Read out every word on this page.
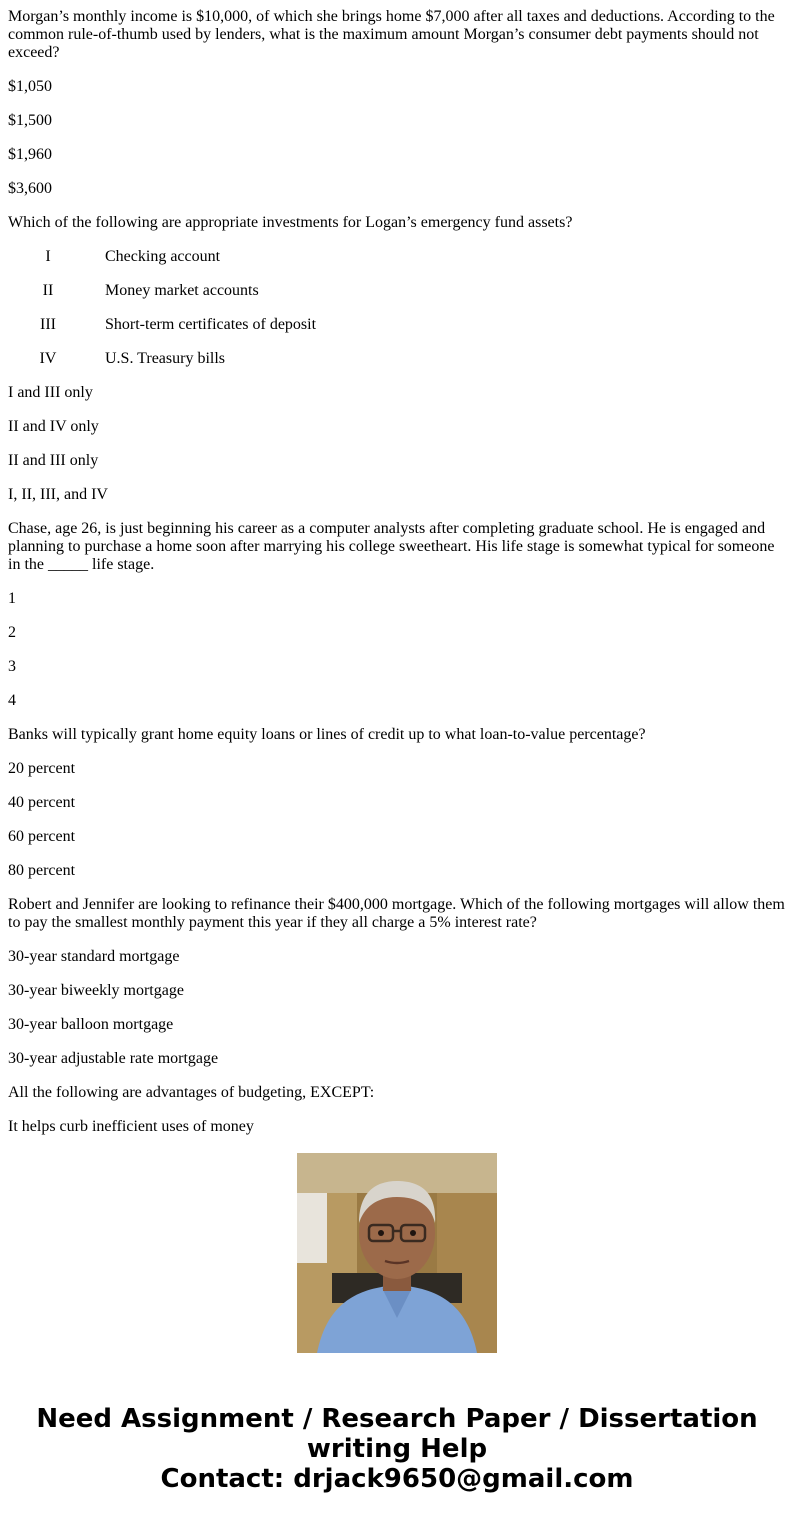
Morgan’s monthly income is $10,000, of which she brings home $7,000 after all taxes and deductions. According to the common rule-of-thumb used by lenders, what is the maximum amount Morgan’s consumer debt payments should not exceed?

$1,050

$1,500

$1,960

$3,600

Which of the following are appropriate investments for Logan’s emergency fund assets?

I	Checking account
II	Money market accounts
III	Short-term certificates of deposit
IV	U.S. Treasury bills

I and III only

II and IV only

II and III only

I, II, III, and IV

Chase, age 26, is just beginning his career as a computer analysts after completing graduate school. He is engaged and planning to purchase a home soon after marrying his college sweetheart. His life stage is somewhat typical for someone in the _____ life stage.

1

2

3

4

Banks will typically grant home equity loans or lines of credit up to what loan-to-value percentage?

20 percent

40 percent

60 percent

80 percent

Robert and Jennifer are looking to refinance their $400,000 mortgage. Which of the following mortgages will allow them to pay the smallest monthly payment this year if they all charge a 5% interest rate?

30-year standard mortgage

30-year biweekly mortgage

30-year balloon mortgage

30-year adjustable rate mortgage

All the following are advantages of budgeting, EXCEPT:

It helps curb inefficient uses of money

Need Assignment / Research Paper / Dissertation
writing Help
Contact: drjack9650@gmail.com
